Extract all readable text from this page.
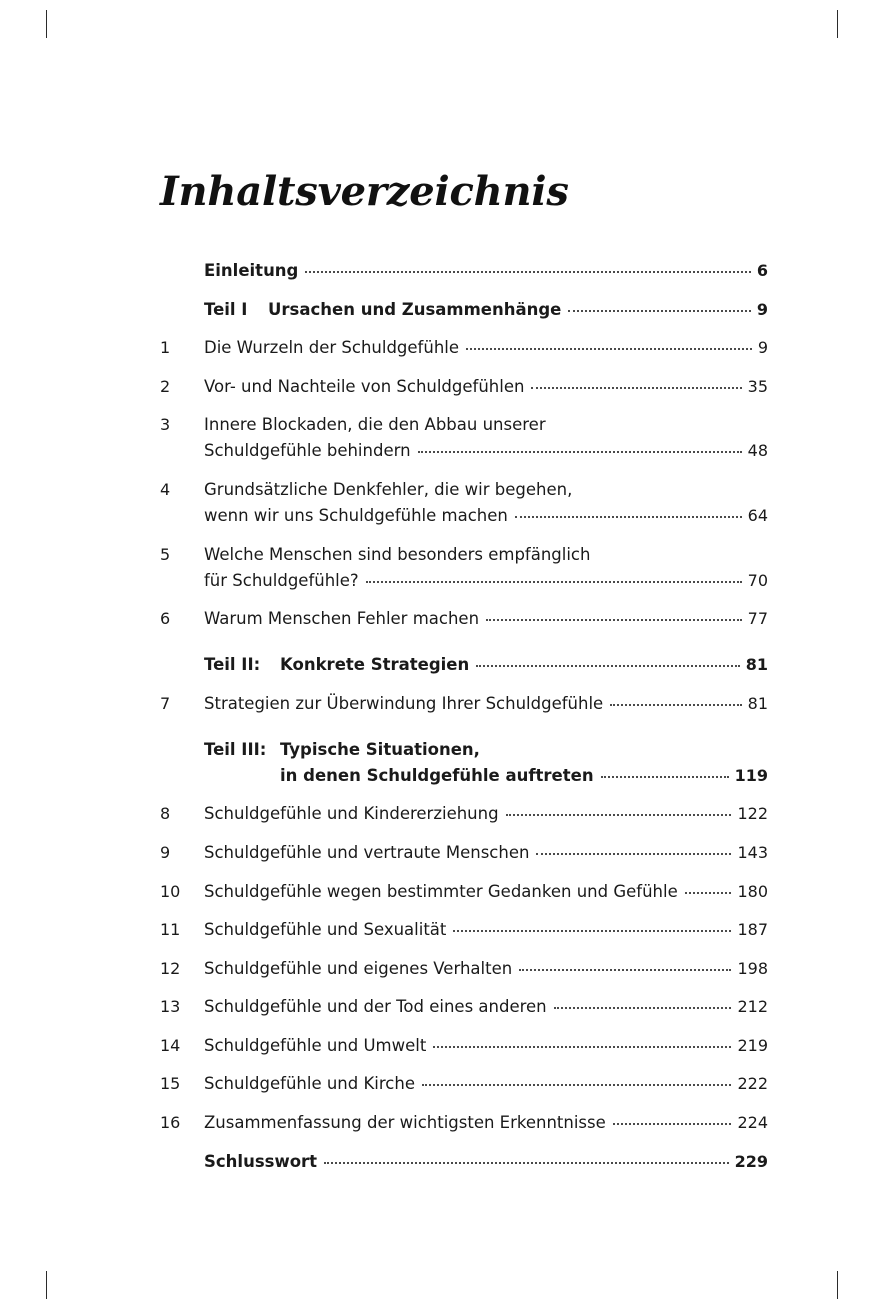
Inhaltsverzeichnis
Einleitung	6
Teil I	Ursachen und Zusammenhänge	9
1	Die Wurzeln der Schuldgefühle	9
2	Vor- und Nachteile von Schuldgefühlen	35
3	Innere Blockaden, die den Abbau unserer
Schuldgefühle behindern	48
4	Grundsätzliche Denkfehler, die wir begehen,
wenn wir uns Schuldgefühle machen	64
5	Welche Menschen sind besonders empfänglich
für Schuldgefühle?	70
6	Warum Menschen Fehler machen	77
Teil II:	Konkrete Strategien	81
7	Strategien zur Überwindung Ihrer Schuldgefühle	81
Teil III: Typische Situationen,
in denen Schuldgefühle auftreten	119
8	Schuldgefühle und Kindererziehung	122
9	Schuldgefühle und vertraute Menschen	143
10	Schuldgefühle wegen bestimmter Gedanken und Gefühle	180
11	Schuldgefühle und Sexualität	187
12	Schuldgefühle und eigenes Verhalten	198
13	Schuldgefühle und der Tod eines anderen	212
14	Schuldgefühle und Umwelt	219
15	Schuldgefühle und Kirche	222
16	Zusammenfassung der wichtigsten Erkenntnisse	224
Schlusswort	229
